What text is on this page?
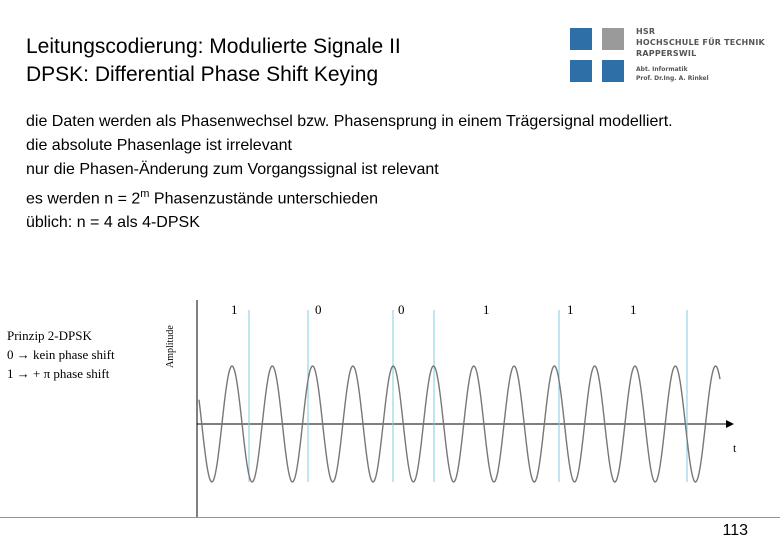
Leitungscodierung: Modulierte Signale II
DPSK: Differential Phase Shift Keying
HSR
HOCHSCHULE FÜR TECHNIK
RAPPERSWIL
Abt. Informatik
Prof. Dr.Ing. A. Rinkel
die Daten werden als Phasenwechsel bzw. Phasensprung in einem Trägersignal modelliert.
die absolute Phasenlage ist irrelevant
nur die Phasen-Änderung zum Vorgangssignal ist relevant
es werden $n = 2^m$ Phasenzustände unterschieden
üblich: n = 4 als 4-DPSK
Prinzip 2-DPSK
0 → kein phase shift
1 → + π phase shift
Amplitude
t
1	0	0	1	1	1
113
